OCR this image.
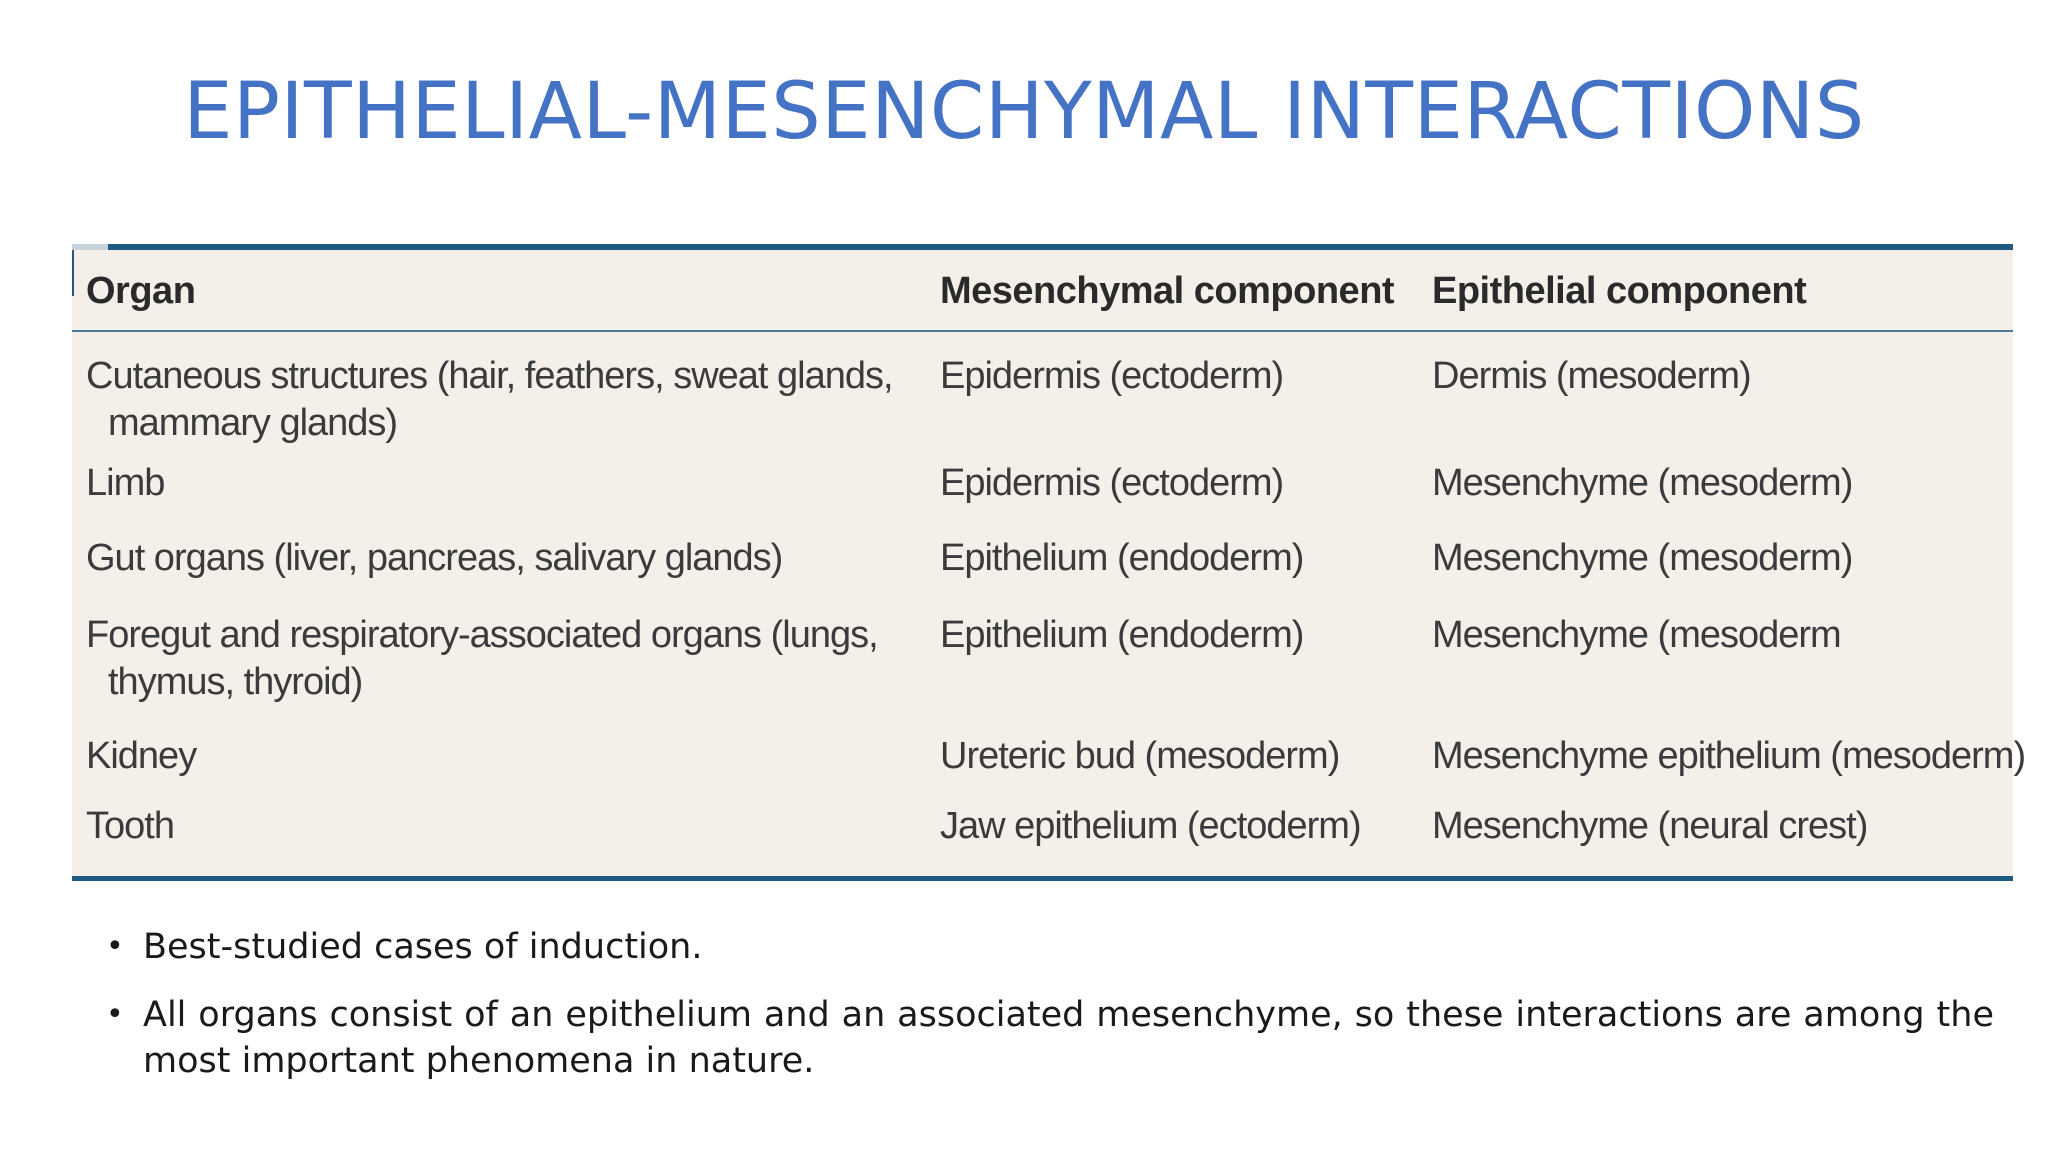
EPITHELIAL-MESENCHYMAL INTERACTIONS
Organ	Mesenchymal component Epithelial component
Cutaneous structures (hair, feathers, sweat glands,
mammary glands)
Epidermis (ectoderm)	Dermis (mesoderm)
Limb	Epidermis (ectoderm)	Mesenchyme (mesoderm)
Gut organs (liver, pancreas, salivary glands)	Epithelium (endoderm)	Mesenchyme (mesoderm)
Foregut and respiratory-associated organs (lungs,
thymus, thyroid)
Epithelium (endoderm)	Mesenchyme (mesoderm
Kidney	Ureteric bud (mesoderm) Mesenchyme epithelium (mesoderm)
Tooth	Jaw epithelium (ectoderm) Mesenchyme (neural crest)
• Best-studied cases of induction.
• All organs consist of an epithelium and an associated mesenchyme, so these interactions are among the most important phenomena in nature.
